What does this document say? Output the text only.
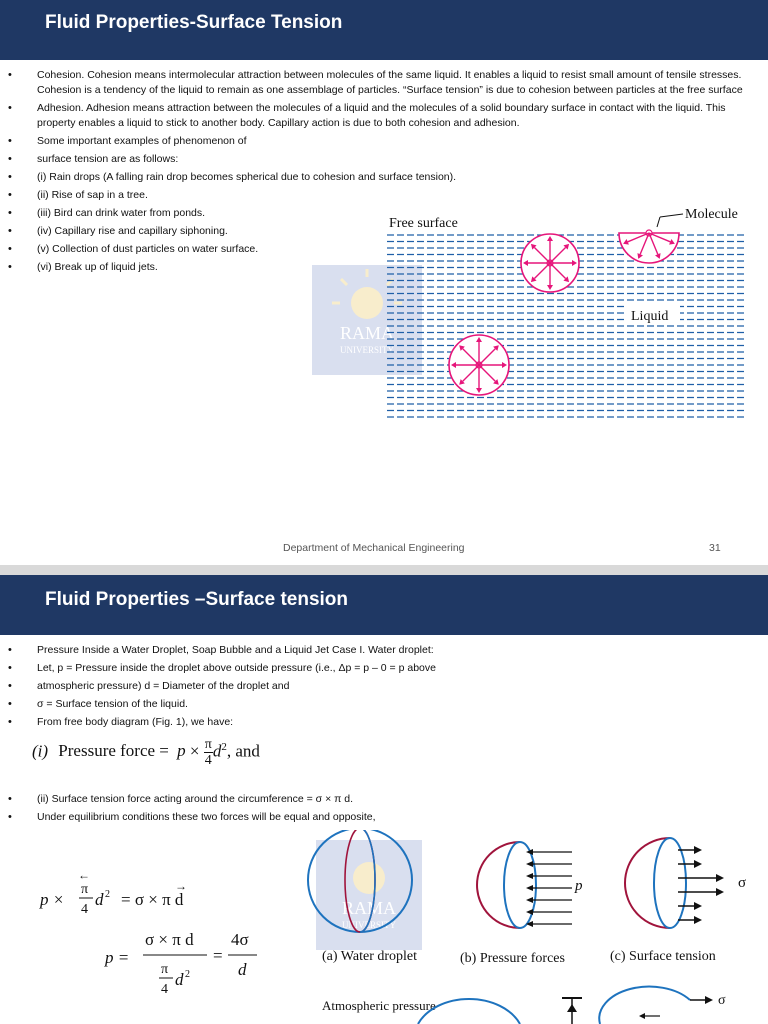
Fluid Properties-Surface Tension
• Cohesion. Cohesion means intermolecular attraction between molecules of the same liquid. It enables a liquid to resist small amount of tensile stresses. Cohesion is a tendency of the liquid to remain as one assemblage of particles. “Surface tension” is due to cohesion between particles at the free surface
• Adhesion. Adhesion means attraction between the molecules of a liquid and the molecules of a solid boundary surface in contact with the liquid. This property enables a liquid to stick to another body. Capillary action is due to both cohesion and adhesion.
• Some important examples of phenomenon of
• surface tension are as follows:
• (i) Rain drops (A falling rain drop becomes spherical due to cohesion and surface tension).
• (ii) Rise of sap in a tree.
• (iii) Bird can drink water from ponds.
• (iv) Capillary rise and capillary siphoning.
• (v) Collection of dust particles on water surface.
• (vi) Break up of liquid jets.
RAMA
UNIVERSITY
Free surface
Molecule
Liquid
Department of Mechanical Engineering	31
Fluid Properties –Surface tension
• Pressure Inside a Water Droplet, Soap Bubble and a Liquid Jet Case I. Water droplet:
• Let, p = Pressure inside the droplet above outside pressure (i.e., Δp = p – 0 = p above
• atmospheric pressure) d = Diameter of the droplet and
• σ = Surface tension of the liquid.
• From free body diagram (Fig. 1), we have:
(i) Pressure force = $p \times \frac{\pi}{4} d^2$, and
• (ii) Surface tension force acting around the circumference = σ × π d.
• Under equilibrium conditions these two forces will be equal and opposite,
p ×
π
4
d 2
←
= σ × π d
→
p =
σ × π d
π
4
d 2
=
4σ
d
RAMA
UNIVERSITY
p	σ
(a) Water droplet	(b) Pressure forces	(c) Surface tension
Atmospheric pressure	σ
